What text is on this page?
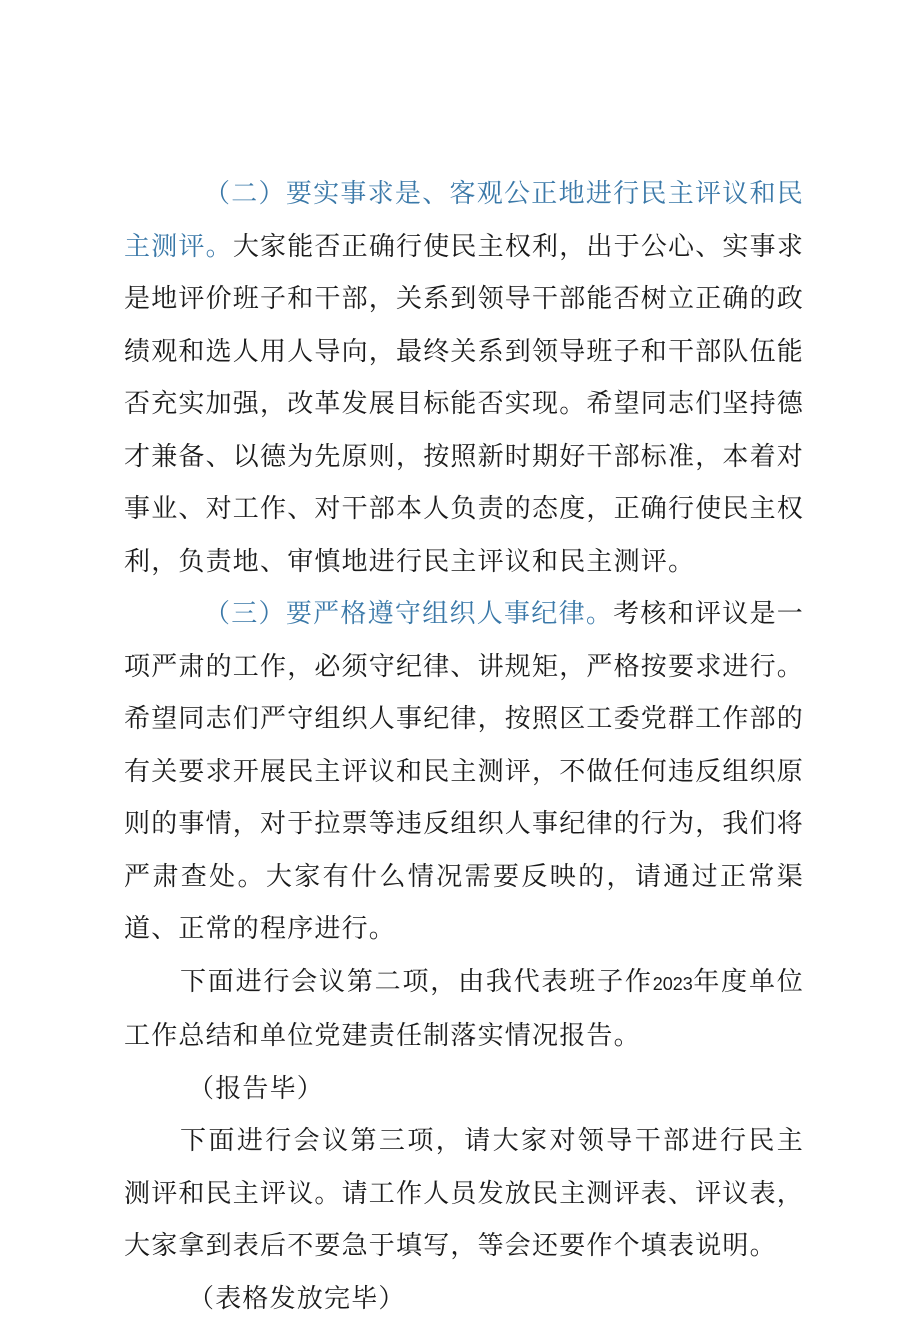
（二）要实事求是、客观公正地进行民主评议和民主测评。大家能否正确行使民主权利，出于公心、实事求是地评价班子和干部，关系到领导干部能否树立正确的政绩观和选人用人导向，最终关系到领导班子和干部队伍能否充实加强，改革发展目标能否实现。希望同志们坚持德才兼备、以德为先原则，按照新时期好干部标准，本着对事业、对工作、对干部本人负责的态度，正确行使民主权利，负责地、审慎地进行民主评议和民主测评。

（三）要严格遵守组织人事纪律。考核和评议是一项严肃的工作，必须守纪律、讲规矩，严格按要求进行。希望同志们严守组织人事纪律，按照区工委党群工作部的有关要求开展民主评议和民主测评，不做任何违反组织原则的事情，对于拉票等违反组织人事纪律的行为，我们将严肃查处。大家有什么情况需要反映的，请通过正常渠道、正常的程序进行。

下面进行会议第二项，由我代表班子作2023年度单位工作总结和单位党建责任制落实情况报告。

（报告毕）

下面进行会议第三项，请大家对领导干部进行民主测评和民主评议。请工作人员发放民主测评表、评议表，大家拿到表后不要急于填写，等会还要作个填表说明。

（表格发放完毕）
